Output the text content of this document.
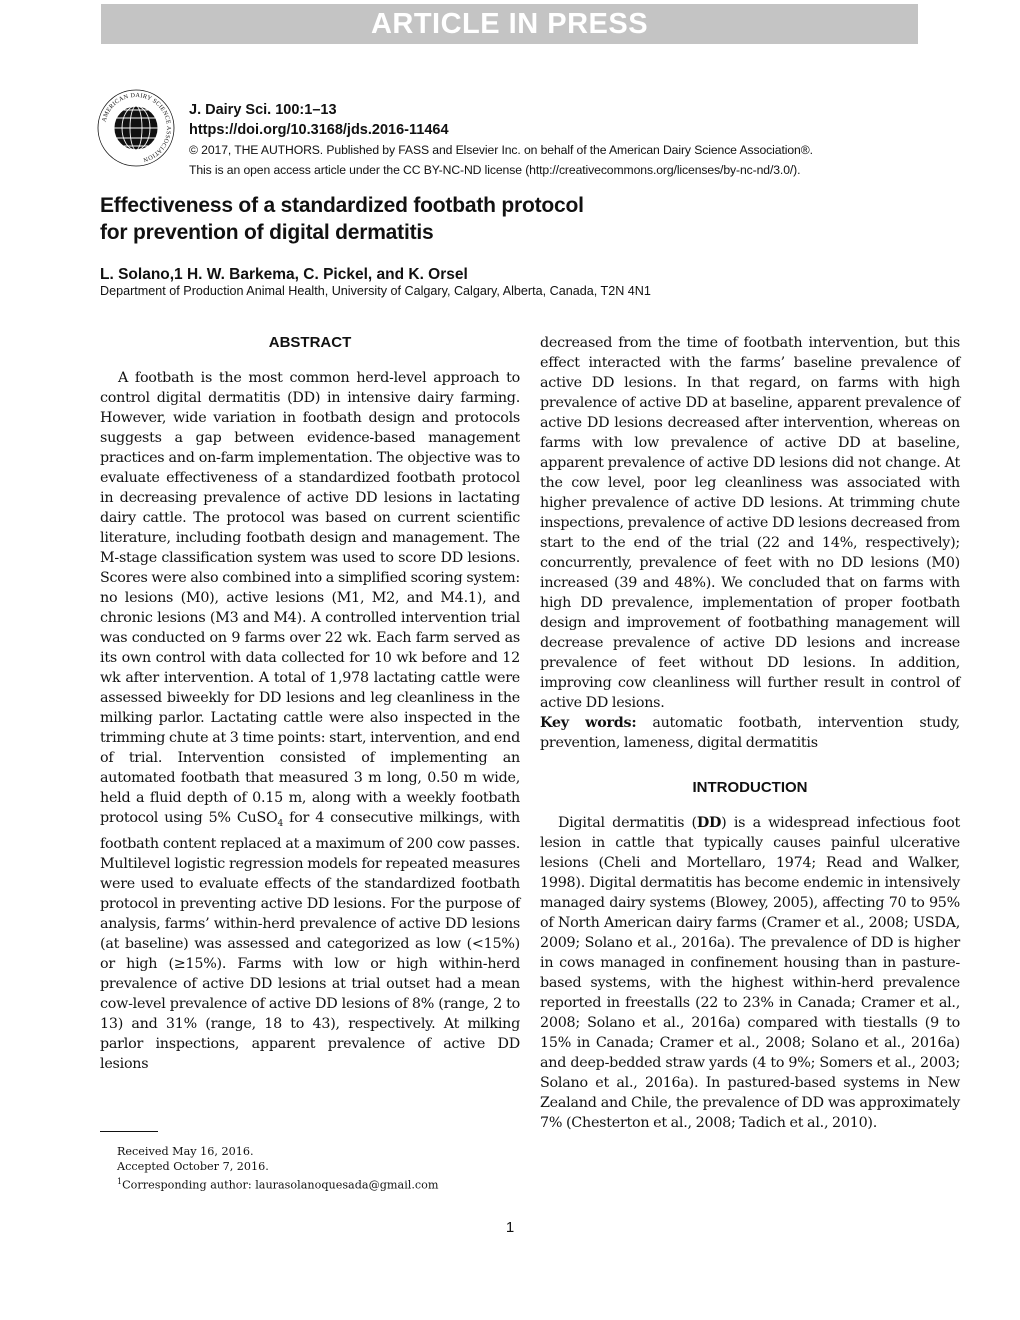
ARTICLE IN PRESS
AMERICAN DAIRY SCIENCE ASSOCIATION
J. Dairy Sci. 100:1–13
https://doi.org/10.3168/jds.2016-11464
© 2017, THE AUTHORS. Published by FASS and Elsevier Inc. on behalf of the American Dairy Science Association®.
This is an open access article under the CC BY-NC-ND license (http://creativecommons.org/licenses/by-nc-nd/3.0/).
Effectiveness of a standardized footbath protocol
for prevention of digital dermatitis
L. Solano,1 H. W. Barkema, C. Pickel, and K. Orsel
Department of Production Animal Health, University of Calgary, Calgary, Alberta, Canada, T2N 4N1
ABSTRACT

A footbath is the most common herd-level approach to control digital dermatitis (DD) in intensive dairy farming. However, wide variation in footbath design and protocols suggests a gap between evidence-based management practices and on-farm implementation. The objective was to evaluate effectiveness of a standardized footbath protocol in decreasing prevalence of active DD lesions in lactating dairy cattle. The protocol was based on current scientific literature, including footbath design and management. The M-stage classification system was used to score DD lesions. Scores were also combined into a simplified scoring system: no lesions (M0), active lesions (M1, M2, and M4.1), and chronic lesions (M3 and M4). A controlled intervention trial was conducted on 9 farms over 22 wk. Each farm served as its own control with data collected for 10 wk before and 12 wk after intervention. A total of 1,978 lactating cattle were assessed biweekly for DD lesions and leg cleanliness in the milking parlor. Lactating cattle were also inspected in the trimming chute at 3 time points: start, intervention, and end of trial. Intervention consisted of implementing an automated footbath that measured 3 m long, 0.50 m wide, held a fluid depth of 0.15 m, along with a weekly footbath protocol using 5% CuSO$_4$ for 4 consecutive milkings, with footbath content replaced at a maximum of 200 cow passes. Multilevel logistic regression models for repeated measures were used to evaluate effects of the standardized footbath protocol in preventing active DD lesions. For the purpose of analysis, farms’ within-herd prevalence of active DD lesions (at baseline) was assessed and categorized as low (<15%) or high (≥15%). Farms with low or high within-herd prevalence of active DD lesions at trial outset had a mean cow-level prevalence of active DD lesions of 8% (range, 2 to 13) and 31% (range, 18 to 43), respectively. At milking parlor inspections, apparent prevalence of active DD lesions

Received May 16, 2016.
Accepted October 7, 2016.
$^1$Corresponding author: laurasolanoquesada@gmail.com

decreased from the time of footbath intervention, but this effect interacted with the farms’ baseline prevalence of active DD lesions. In that regard, on farms with high prevalence of active DD at baseline, apparent prevalence of active DD lesions decreased after intervention, whereas on farms with low prevalence of active DD at baseline, apparent prevalence of active DD lesions did not change. At the cow level, poor leg cleanliness was associated with higher prevalence of active DD lesions. At trimming chute inspections, prevalence of active DD lesions decreased from start to the end of the trial (22 and 14%, respectively); concurrently, prevalence of feet with no DD lesions (M0) increased (39 and 48%). We concluded that on farms with high DD prevalence, implementation of proper footbath design and improvement of footbathing management will decrease prevalence of active DD lesions and increase prevalence of feet without DD lesions. In addition, improving cow cleanliness will further result in control of active DD lesions.

Key words: automatic footbath, intervention study, prevention, lameness, digital dermatitis

INTRODUCTION

Digital dermatitis (DD) is a widespread infectious foot lesion in cattle that typically causes painful ulcerative lesions (Cheli and Mortellaro, 1974; Read and Walker, 1998). Digital dermatitis has become endemic in intensively managed dairy systems (Blowey, 2005), affecting 70 to 95% of North American dairy farms (Cramer et al., 2008; USDA, 2009; Solano et al., 2016a). The prevalence of DD is higher in cows managed in confinement housing than in pasture-based systems, with the highest within-herd prevalence reported in freestalls (22 to 23% in Canada; Cramer et al., 2008; Solano et al., 2016a) compared with tiestalls (9 to 15% in Canada; Cramer et al., 2008; Solano et al., 2016a) and deep-bedded straw yards (4 to 9%; Somers et al., 2003; Solano et al., 2016a). In pastured-based systems in New Zealand and Chile, the prevalence of DD was approximately 7% (Chesterton et al., 2008; Tadich et al., 2010).

1
